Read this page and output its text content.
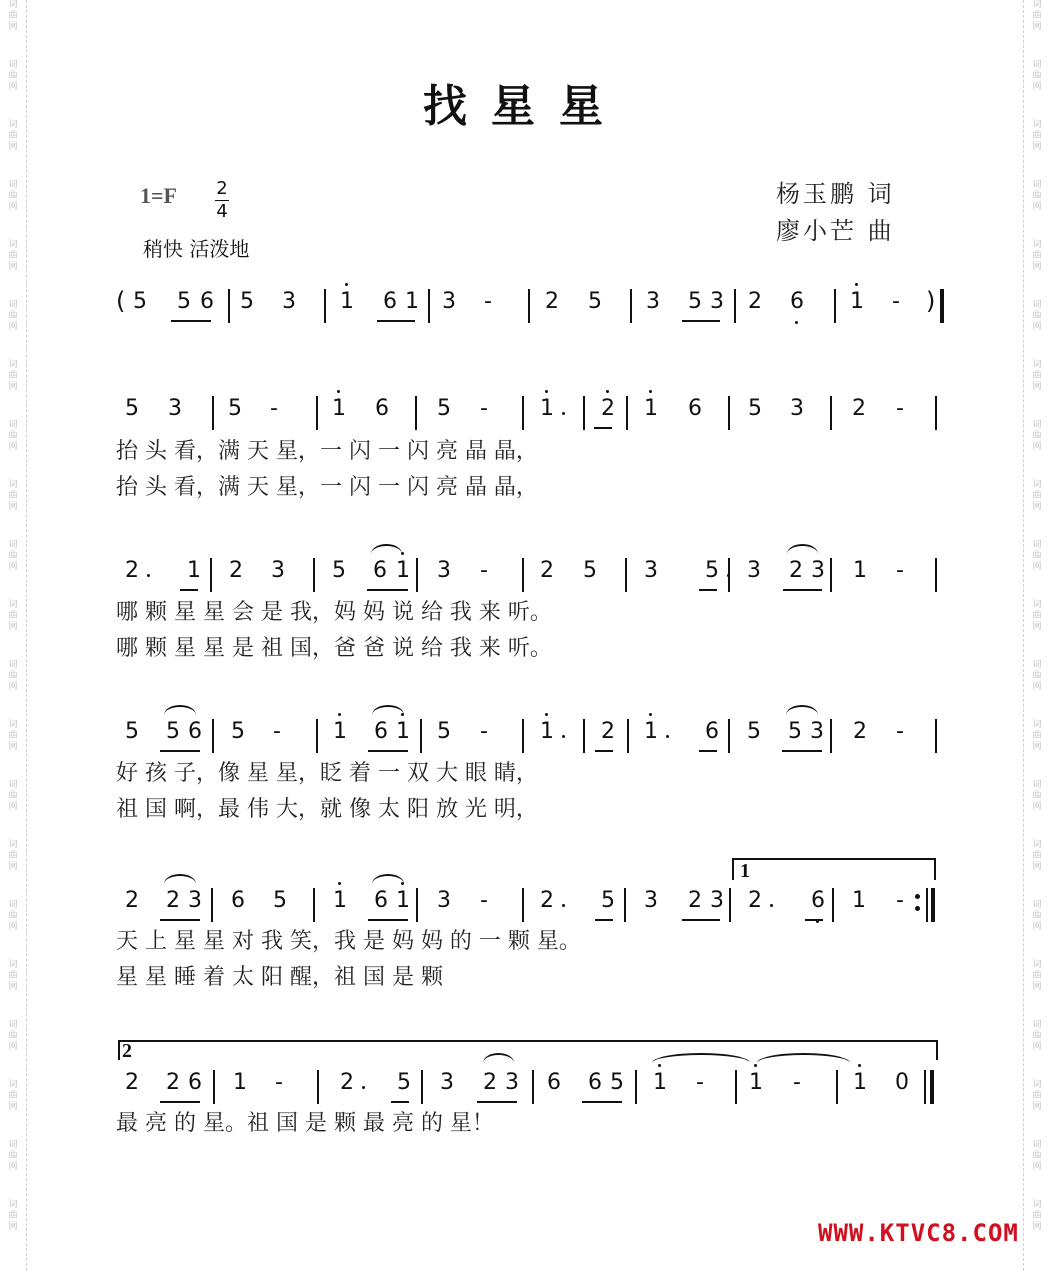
词
曲
网
词
曲
网
词
曲
网
词
曲
网
词
曲
网
词
曲
网
词
曲
网
词
曲
网
词
曲
网
词
曲
网
词
曲
网
词
曲
网
词
曲
网
词
曲
网
词
曲
网
词
曲
网
词
曲
网
词
曲
网
词
曲
网
词
曲
网
词
曲
网
词
曲
网
词
曲
网
词
曲
网
词
曲
网
词
曲
网
词
曲
网
词
曲
网
词
曲
网
词
曲
网
词
曲
网
词
曲
网
词
曲
网
词
曲
网
词
曲
网
词
曲
网
词
曲
网
词
曲
网
词
曲
网
词
曲
网
词
曲
网
词
曲
网
找星星
1=F 2
4
稍快 活泼地
杨玉鹏 词
廖小芒 曲
5 5 6 5 3 1 6 1 3 - 2 5 3 5 3 2 6 1 -
(	)
5 3 5 - 1 6 5 - 1 2 1 6 5 3 2 -
抬 头 看，满 天 星，一 闪 一 闪 亮 晶 晶，
抬 头 看，满 天 星，一 闪 一 闪 亮 晶 晶，
2 1 2 3 5 6 1 3 - 2 5 3 5 3 2 3 1 -
哪 颗 星 星 会 是 我，妈 妈 说 给 我 来 听。
哪 颗 星 星 是 祖 国，爸 爸 说 给 我 来 听。
5 5 6 5 - 1 6 1 5 - 1 2 1 6 5 5 3 2 -
好 孩 子，像 星 星，眨 着 一 双 大 眼 睛，
祖 国 啊，最 伟 大，就 像 太 阳 放 光 明，
2 2 3 6 5 1 6 1 3 - 2 5 3 2 3 2 6 1 -
天 上 星 星 对 我 笑，我 是 妈 妈 的 一 颗 星。
星 星 睡 着 太 阳 醒，祖 国 是 颗
2 2 6 1 -	2 5 3 2 3 6 6 5 1 - 1 - 1 0
最 亮 的 星。祖 国 是 颗 最 亮 的 星！
1
2
WWW.KTVC8.COM
